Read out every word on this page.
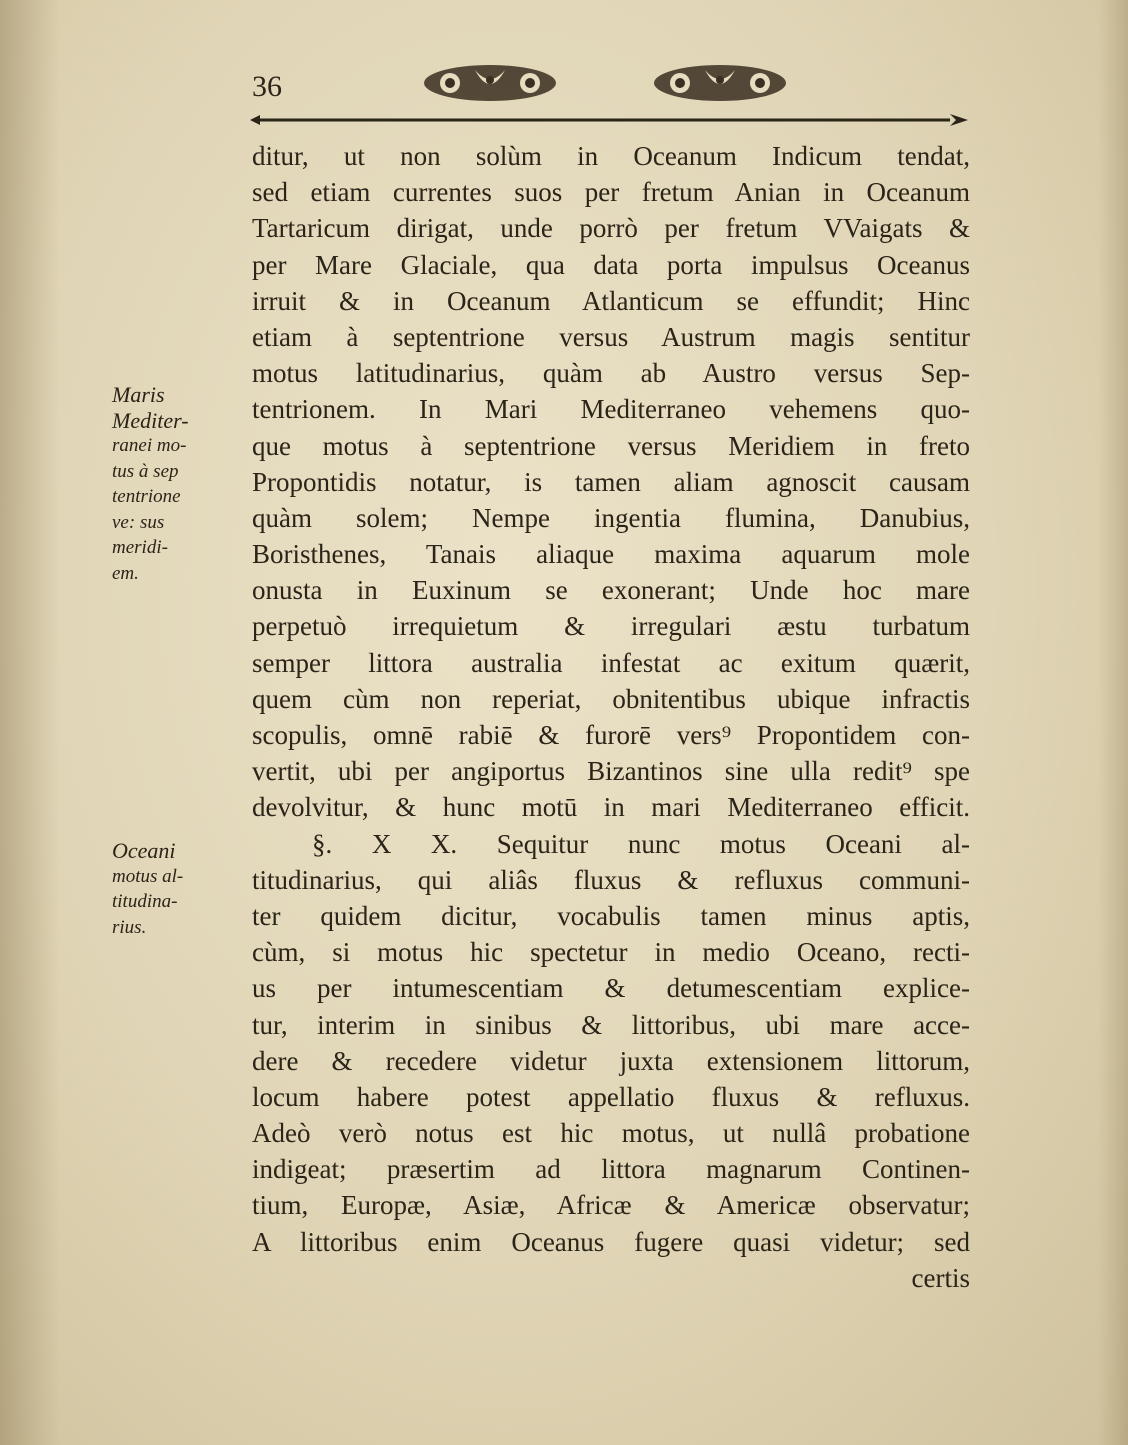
36
Maris
Mediter-
ranei mo-
tus à sep
tentrione
ve: sus
meridi-
em.
Oceani
motus al-
titudina-
rius.
ditur, ut non solùm in Oceanum Indicum tendat,
sed etiam currentes suos per fretum Anian in Oceanum
Tartaricum dirigat, unde porrò per fretum VVaigats &
per Mare Glaciale, qua data porta impulsus Oceanus
irruit & in Oceanum Atlanticum se effundit; Hinc
etiam à septentrione versus Austrum magis sentitur
motus latitudinarius, quàm ab Austro versus Sep-
tentrionem. In Mari Mediterraneo vehemens quo-
que motus à septentrione versus Meridiem in freto
Propontidis notatur, is tamen aliam agnoscit causam
quàm solem; Nempe ingentia flumina, Danubius,
Boristhenes, Tanais aliaque maxima aquarum mole
onusta in Euxinum se exonerant; Unde hoc mare
perpetuò irrequietum & irregulari æstu turbatum
semper littora australia infestat ac exitum quærit,
quem cùm non reperiat, obnitentibus ubique infractis
scopulis, omnē rabiē & furorē vers⁹ Propontidem con-
vertit, ubi per angiportus Bizantinos sine ulla redit⁹ spe
devolvitur, & hunc motū in mari Mediterraneo efficit.
§. X X. Sequitur nunc motus Oceani al-
titudinarius, qui aliâs fluxus & refluxus communi-
ter quidem dicitur, vocabulis tamen minus aptis,
cùm, si motus hic spectetur in medio Oceano, recti-
us per intumescentiam & detumescentiam explice-
tur, interim in sinibus & littoribus, ubi mare acce-
dere & recedere videtur juxta extensionem littorum,
locum habere potest appellatio fluxus & refluxus.
Adeò verò notus est hic motus, ut nullâ probatione
indigeat; præsertim ad littora magnarum Continen-
tium, Europæ, Asiæ, Africæ & Americæ observatur;
A littoribus enim Oceanus fugere quasi videtur; sed
certis
